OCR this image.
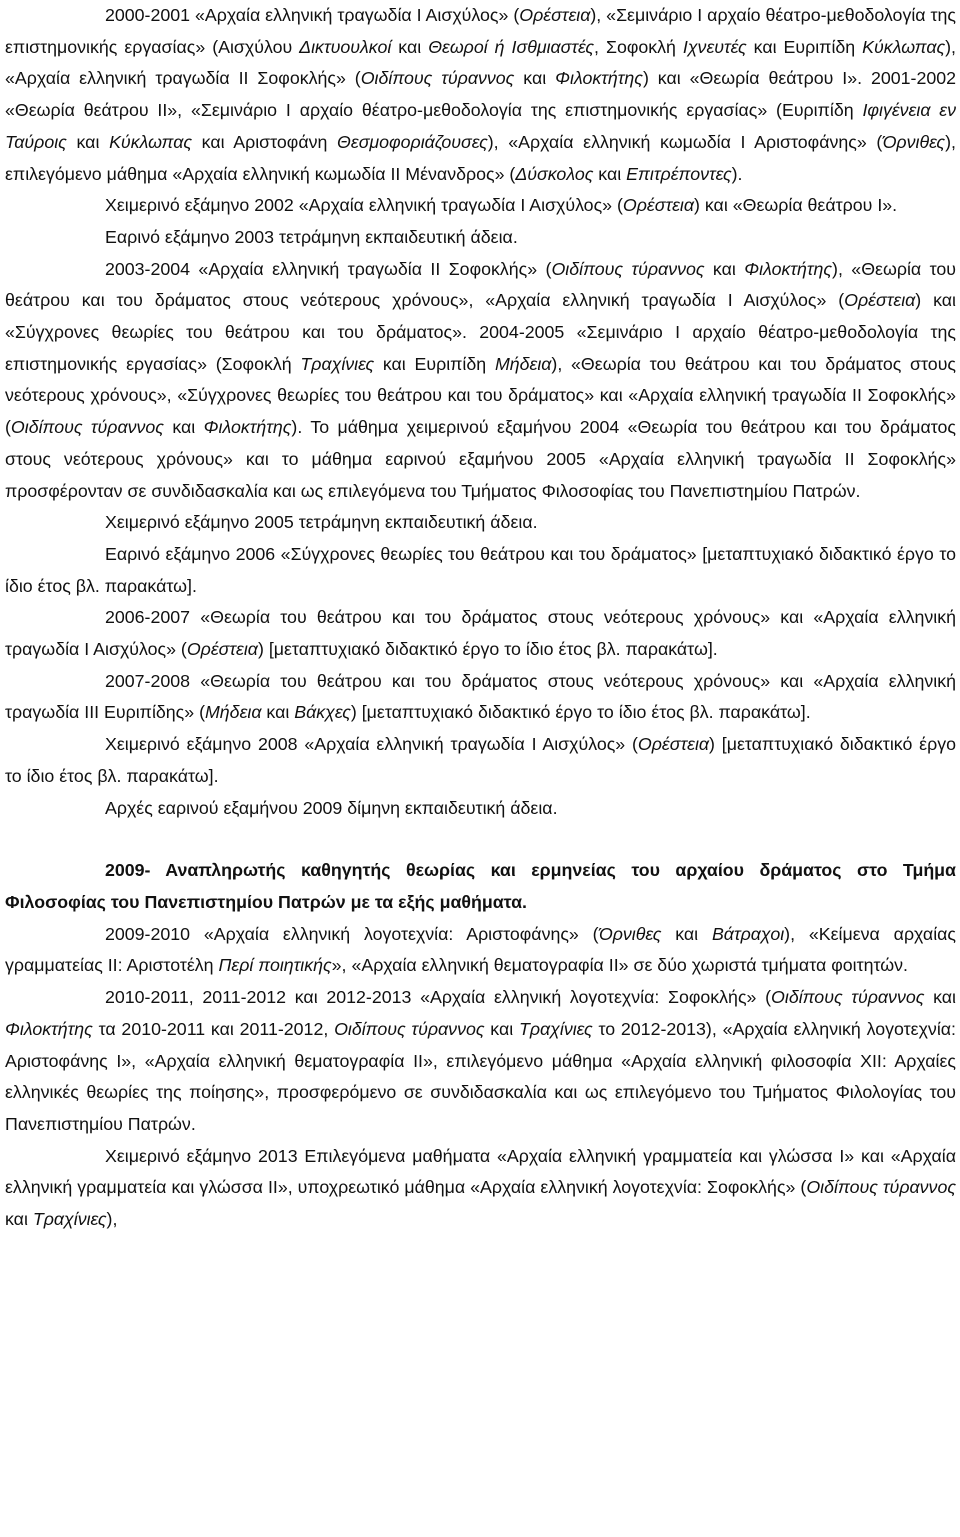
2000-2001 «Αρχαία ελληνική τραγωδία Ι Αισχύλος» (Ορέστεια), «Σεμινάριο Ι αρχαίο θέατρο-μεθοδολογία της επιστημονικής εργασίας» (Αισχύλου Δικτυουλκοί και Θεωροί ή Ισθμιαστές, Σοφοκλή Ιχνευτές και Ευριπίδη Κύκλωπας), «Αρχαία ελληνική τραγωδία ΙΙ Σοφοκλής» (Οιδίπους τύραννος και Φιλοκτήτης) και «Θεωρία θεάτρου Ι». 2001-2002 «Θεωρία θεάτρου ΙΙ», «Σεμινάριο Ι αρχαίο θέατρο-μεθοδολογία της επιστημονικής εργασίας» (Ευριπίδη Ιφιγένεια εν Ταύροις και Κύκλωπας και Αριστοφάνη Θεσμοφοριάζουσες), «Αρχαία ελληνική κωμωδία Ι Αριστοφάνης» (Όρνιθες), επιλεγόμενο μάθημα «Αρχαία ελληνική κωμωδία ΙΙ Μένανδρος» (Δύσκολος και Επιτρέποντες).

Χειμερινό εξάμηνο 2002 «Αρχαία ελληνική τραγωδία Ι Αισχύλος» (Ορέστεια) και «Θεωρία θεάτρου Ι».

Εαρινό εξάμηνο 2003 τετράμηνη εκπαιδευτική άδεια.

2003-2004 «Αρχαία ελληνική τραγωδία ΙΙ Σοφοκλής» (Οιδίπους τύραννος και Φιλοκτήτης), «Θεωρία του θεάτρου και του δράματος στους νεότερους χρόνους», «Αρχαία ελληνική τραγωδία Ι Αισχύλος» (Ορέστεια) και «Σύγχρονες θεωρίες του θεάτρου και του δράματος». 2004-2005 «Σεμινάριο Ι αρχαίο θέατρο-μεθοδολογία της επιστημονικής εργασίας» (Σοφοκλή Τραχίνιες και Ευριπίδη Μήδεια), «Θεωρία του θεάτρου και του δράματος στους νεότερους χρόνους», «Σύγχρονες θεωρίες του θεάτρου και του δράματος» και «Αρχαία ελληνική τραγωδία ΙΙ Σοφοκλής» (Οιδίπους τύραννος και Φιλοκτήτης). Το μάθημα χειμερινού εξαμήνου 2004 «Θεωρία του θεάτρου και του δράματος στους νεότερους χρόνους» και το μάθημα εαρινού εξαμήνου 2005 «Αρχαία ελληνική τραγωδία ΙΙ Σοφοκλής» προσφέρονταν σε συνδιδασκαλία και ως επιλεγόμενα του Τμήματος Φιλοσοφίας του Πανεπιστημίου Πατρών.

Χειμερινό εξάμηνο 2005 τετράμηνη εκπαιδευτική άδεια.

Εαρινό εξάμηνο 2006 «Σύγχρονες θεωρίες του θεάτρου και του δράματος» [μεταπτυχιακό διδακτικό έργο το ίδιο έτος βλ. παρακάτω].

2006-2007 «Θεωρία του θεάτρου και του δράματος στους νεότερους χρόνους» και «Αρχαία ελληνική τραγωδία Ι Αισχύλος» (Ορέστεια) [μεταπτυχιακό διδακτικό έργο το ίδιο έτος βλ. παρακάτω].

2007-2008 «Θεωρία του θεάτρου και του δράματος στους νεότερους χρόνους» και «Αρχαία ελληνική τραγωδία ΙΙΙ Ευριπίδης» (Μήδεια και Βάκχες) [μεταπτυχιακό διδακτικό έργο το ίδιο έτος βλ. παρακάτω].

Χειμερινό εξάμηνο 2008 «Αρχαία ελληνική τραγωδία Ι Αισχύλος» (Ορέστεια) [μεταπτυχιακό διδακτικό έργο το ίδιο έτος βλ. παρακάτω].

Αρχές εαρινού εξαμήνου 2009 δίμηνη εκπαιδευτική άδεια.

2009- Αναπληρωτής καθηγητής θεωρίας και ερμηνείας του αρχαίου δράματος στο Τμήμα Φιλοσοφίας του Πανεπιστημίου Πατρών με τα εξής μαθήματα.

2009-2010 «Αρχαία ελληνική λογοτεχνία: Αριστοφάνης» (Όρνιθες και Βάτραχοι), «Κείμενα αρχαίας γραμματείας ΙΙ: Αριστοτέλη Περί ποιητικής», «Αρχαία ελληνική θεματογραφία ΙΙ» σε δύο χωριστά τμήματα φοιτητών.

2010-2011, 2011-2012 και 2012-2013 «Αρχαία ελληνική λογοτεχνία: Σοφοκλής» (Οιδίπους τύραννος και Φιλοκτήτης τα 2010-2011 και 2011-2012, Οιδίπους τύραννος και Τραχίνιες το 2012-2013), «Αρχαία ελληνική λογοτεχνία: Αριστοφάνης Ι», «Αρχαία ελληνική θεματογραφία ΙΙ», επιλεγόμενο μάθημα «Αρχαία ελληνική φιλοσοφία ΧΙΙ: Αρχαίες ελληνικές θεωρίες της ποίησης», προσφερόμενο σε συνδιδασκαλία και ως επιλεγόμενο του Τμήματος Φιλολογίας του Πανεπιστημίου Πατρών.

Χειμερινό εξάμηνο 2013 Επιλεγόμενα μαθήματα «Αρχαία ελληνική γραμματεία και γλώσσα Ι» και «Αρχαία ελληνική γραμματεία και γλώσσα ΙΙ», υποχρεωτικό μάθημα «Αρχαία ελληνική λογοτεχνία: Σοφοκλής» (Οιδίπους τύραννος και Τραχίνιες),
